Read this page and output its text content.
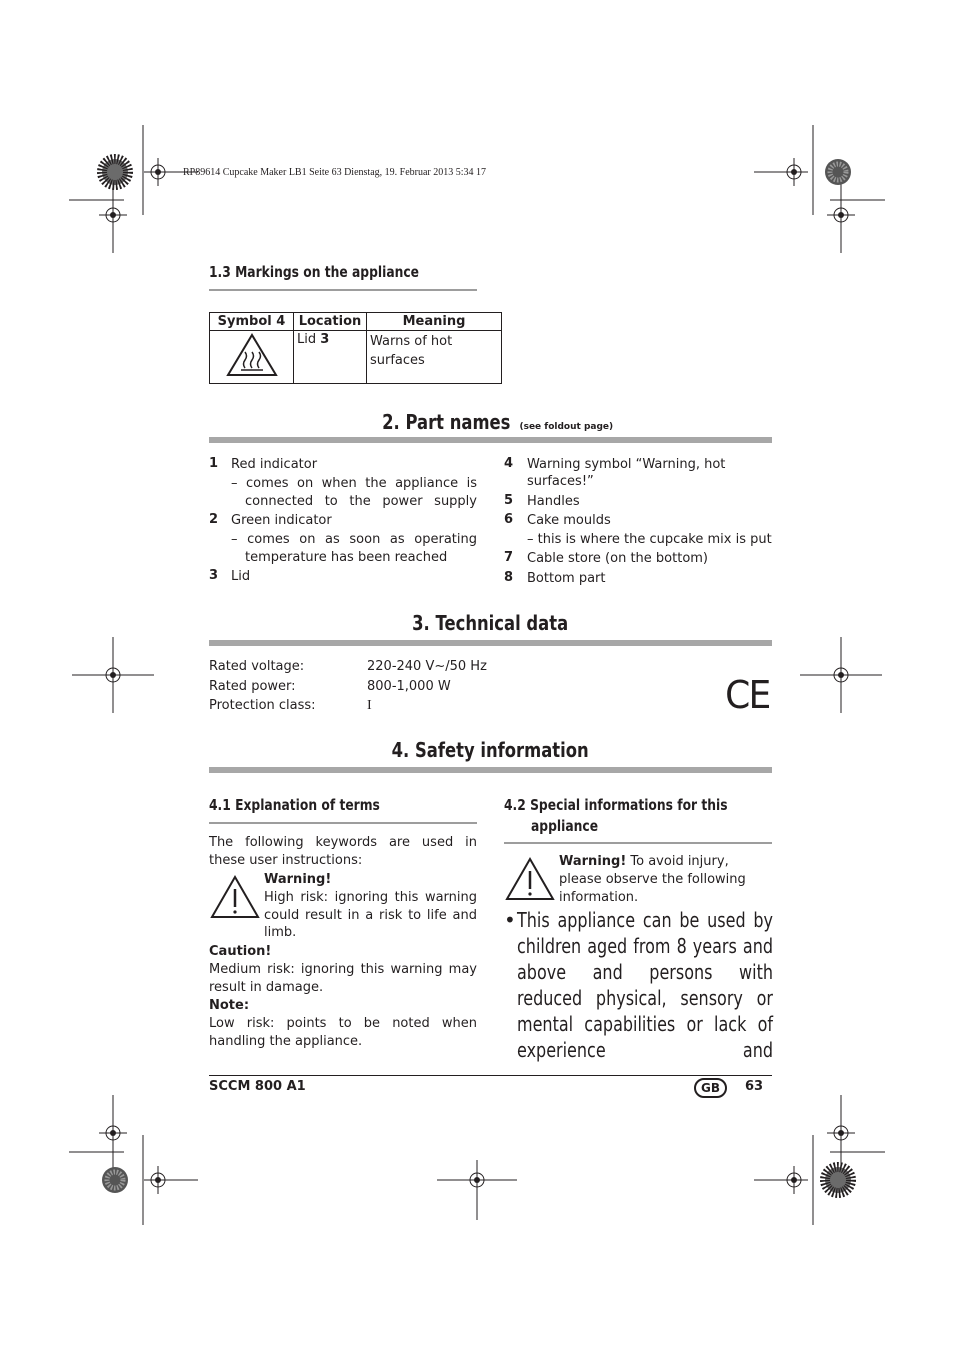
RP89614 Cupcake Maker LB1 Seite 63 Dienstag, 19. Februar 2013 5:34 17
1.3 Markings on the appliance
Symbol 4	Location	Meaning
	Lid 3	Warns of hot surfaces
2. Part names (see foldout page)
1 Red indicator
– comes on when the appliance is connected to the power supply
2 Green indicator
– comes on as soon as operating temperature has been reached
3 Lid
4 Warning symbol “Warning, hot surfaces!”
5 Handles
6 Cake moulds
– this is where the cupcake mix is put
7 Cable store (on the bottom)
8 Bottom part
3. Technical data
Rated voltage:	220-240 V~/50 Hz
Rated power:	800-1,000 W
Protection class:	I	CE
4. Safety information
4.1 Explanation of terms
The following keywords are used in these user instructions:
Warning!
High risk: ignoring this warning could result in a risk to life and limb.
Caution!
Medium risk: ignoring this warning may result in damage.
Note:
Low risk: points to be noted when handling the appliance.
4.2 Special informations for this
appliance
Warning! To avoid injury, please observe the following information.
• This appliance can be used by children aged from 8 years and above and persons with reduced physical, sensory or mental capabilities or lack of experience and
SCCM 800 A1	GB	63
